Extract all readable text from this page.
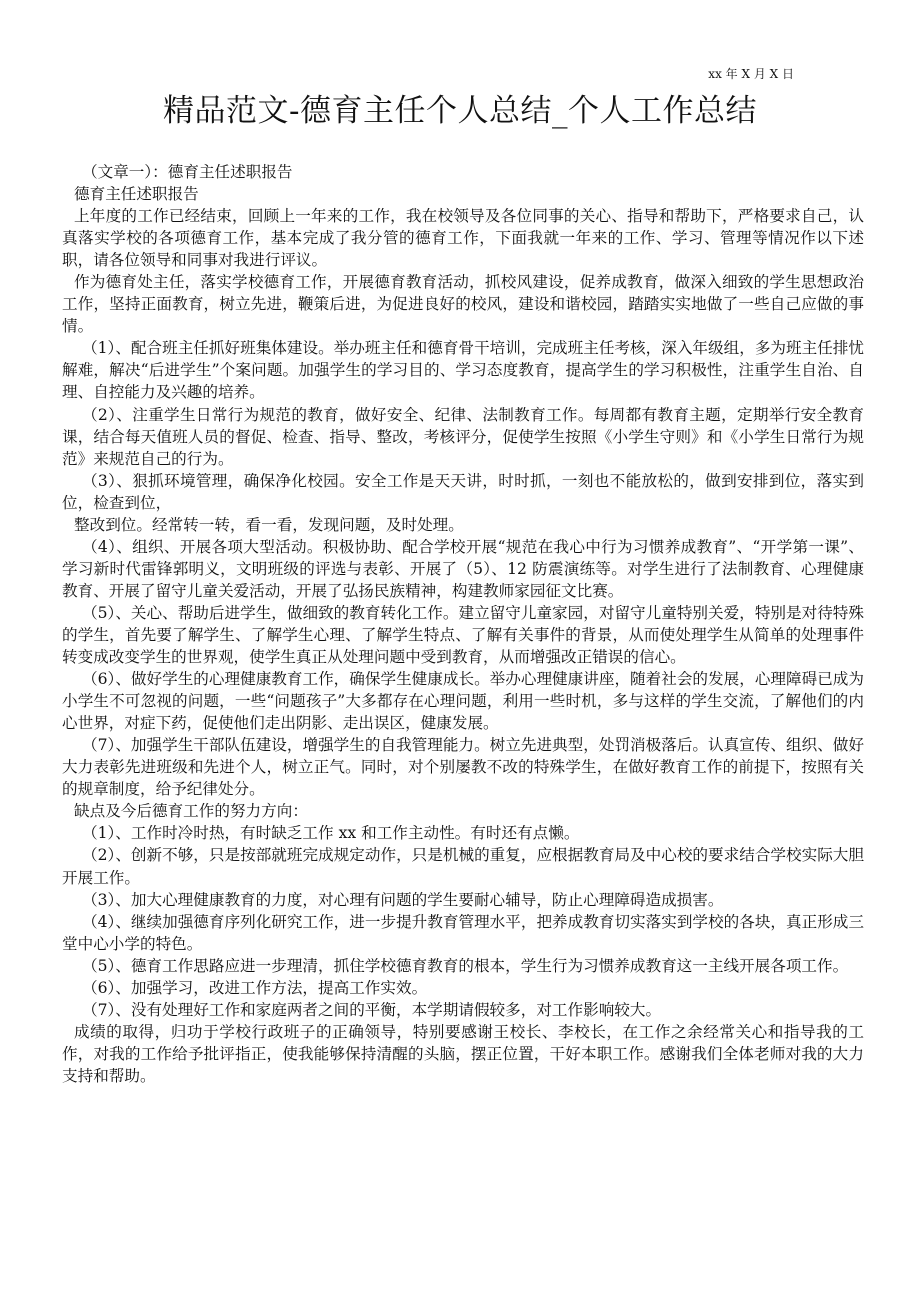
xx 年 X 月 X 日
精品范文-德育主任个人总结_个人工作总结

（文章一）：德育主任述职报告

德育主任述职报告

上年度的工作已经结束，回顾上一年来的工作，我在校领导及各位同事的关心、指导和帮助下，严格要求自己，认真落实学校的各项德育工作，基本完成了我分管的德育工作，下面我就一年来的工作、学习、管理等情况作以下述职，请各位领导和同事对我进行评议。

作为德育处主任，落实学校德育工作，开展德育教育活动，抓校风建设，促养成教育，做深入细致的学生思想政治工作，坚持正面教育，树立先进，鞭策后进，为促进良好的校风，建设和谐校园，踏踏实实地做了一些自己应做的事情。

（1）、配合班主任抓好班集体建设。举办班主任和德育骨干培训，完成班主任考核，深入年级组，多为班主任排忧解难，解决“后进学生”个案问题。加强学生的学习目的、学习态度教育，提高学生的学习积极性，注重学生自治、自理、自控能力及兴趣的培养。

（2）、注重学生日常行为规范的教育，做好安全、纪律、法制教育工作。每周都有教育主题，定期举行安全教育课，结合每天值班人员的督促、检查、指导、整改，考核评分，促使学生按照《小学生守则》和《小学生日常行为规范》来规范自己的行为。

（3）、狠抓环境管理，确保净化校园。安全工作是天天讲，时时抓，一刻也不能放松的，做到安排到位，落实到位，检查到位，

整改到位。经常转一转，看一看，发现问题，及时处理。

（4）、组织、开展各项大型活动。积极协助、配合学校开展“规范在我心中行为习惯养成教育”、“开学第一课”、学习新时代雷锋郭明义，文明班级的评选与表彰、开展了（5）、12 防震演练等。对学生进行了法制教育、心理健康教育、开展了留守儿童关爱活动，开展了弘扬民族精神，构建教师家园征文比赛。

（5）、关心、帮助后进学生，做细致的教育转化工作。建立留守儿童家园，对留守儿童特别关爱，特别是对待特殊的学生，首先要了解学生、了解学生心理、了解学生特点、了解有关事件的背景，从而使处理学生从简单的处理事件转变成改变学生的世界观，使学生真正从处理问题中受到教育，从而增强改正错误的信心。

（6）、做好学生的心理健康教育工作，确保学生健康成长。举办心理健康讲座，随着社会的发展，心理障碍已成为小学生不可忽视的问题，一些“问题孩子”大多都存在心理问题，利用一些时机，多与这样的学生交流，了解他们的内心世界，对症下药，促使他们走出阴影、走出误区，健康发展。

（7）、加强学生干部队伍建设，增强学生的自我管理能力。树立先进典型，处罚消极落后。认真宣传、组织、做好大力表彰先进班级和先进个人，树立正气。同时，对个别屡教不改的特殊学生，在做好教育工作的前提下，按照有关的规章制度，给予纪律处分。

缺点及今后德育工作的努力方向：

（1）、工作时冷时热，有时缺乏工作 xx 和工作主动性。有时还有点懒。

（2）、创新不够，只是按部就班完成规定动作，只是机械的重复，应根据教育局及中心校的要求结合学校实际大胆开展工作。

（3）、加大心理健康教育的力度，对心理有问题的学生要耐心辅导，防止心理障碍造成损害。

（4）、继续加强德育序列化研究工作，进一步提升教育管理水平，把养成教育切实落实到学校的各块，真正形成三堂中心小学的特色。

（5）、德育工作思路应进一步理清，抓住学校德育教育的根本，学生行为习惯养成教育这一主线开展各项工作。

（6）、加强学习，改进工作方法，提高工作实效。

（7）、没有处理好工作和家庭两者之间的平衡，本学期请假较多，对工作影响较大。

成绩的取得，归功于学校行政班子的正确领导，特别要感谢王校长、李校长，在工作之余经常关心和指导我的工作，对我的工作给予批评指正，使我能够保持清醒的头脑，摆正位置，干好本职工作。感谢我们全体老师对我的大力支持和帮助。
